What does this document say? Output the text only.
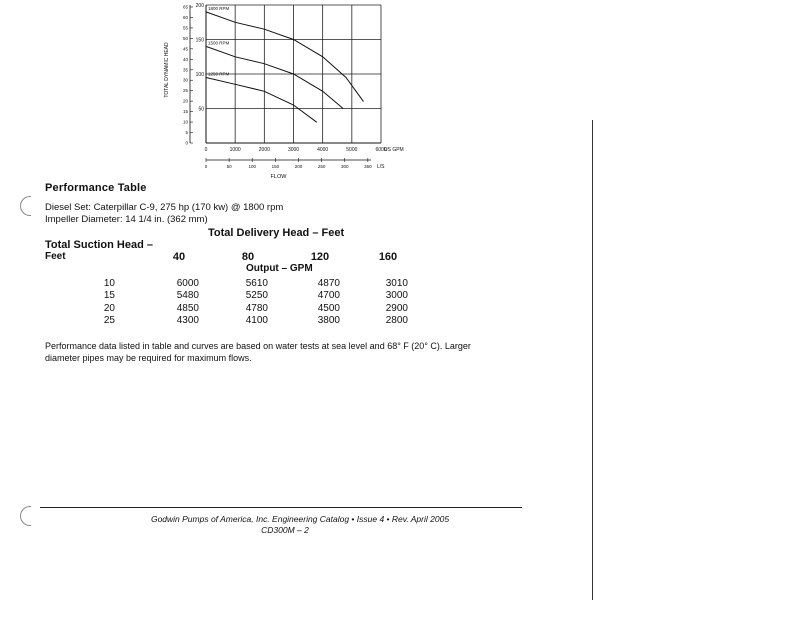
200
150
100
50
65
60
55
50
45
40
35
30
25
20
15
10
5
0
TOTAL DYNAMIC HEAD
0	1000	2000	3000	4000	5000	6000
US GPM
0	50	100	150	200	250	300	350 L/S
FLOW
1800 RPM
1500 RPM
1250 RPM
Performance Table
Diesel Set: Caterpillar C-9, 275 hp (170 kw) @ 1800 rpm
Impeller Diameter: 14 1/4 in. (362 mm)
Total Delivery Head – Feet
Total Suction Head –
Feet	40	80	120	160
Output – GPM
10	6000	5610	4870	3010
15	5480	5250	4700	3000
20	4850	4780	4500	2900
25	4300	4100	3800	2800
Performance data listed in table and curves are based on water tests at sea level and 68° F (20° C). Larger
diameter pipes may be required for maximum flows.
Godwin Pumps of America, Inc. Engineering Catalog • Issue 4 • Rev. April 2005
CD300M – 2
